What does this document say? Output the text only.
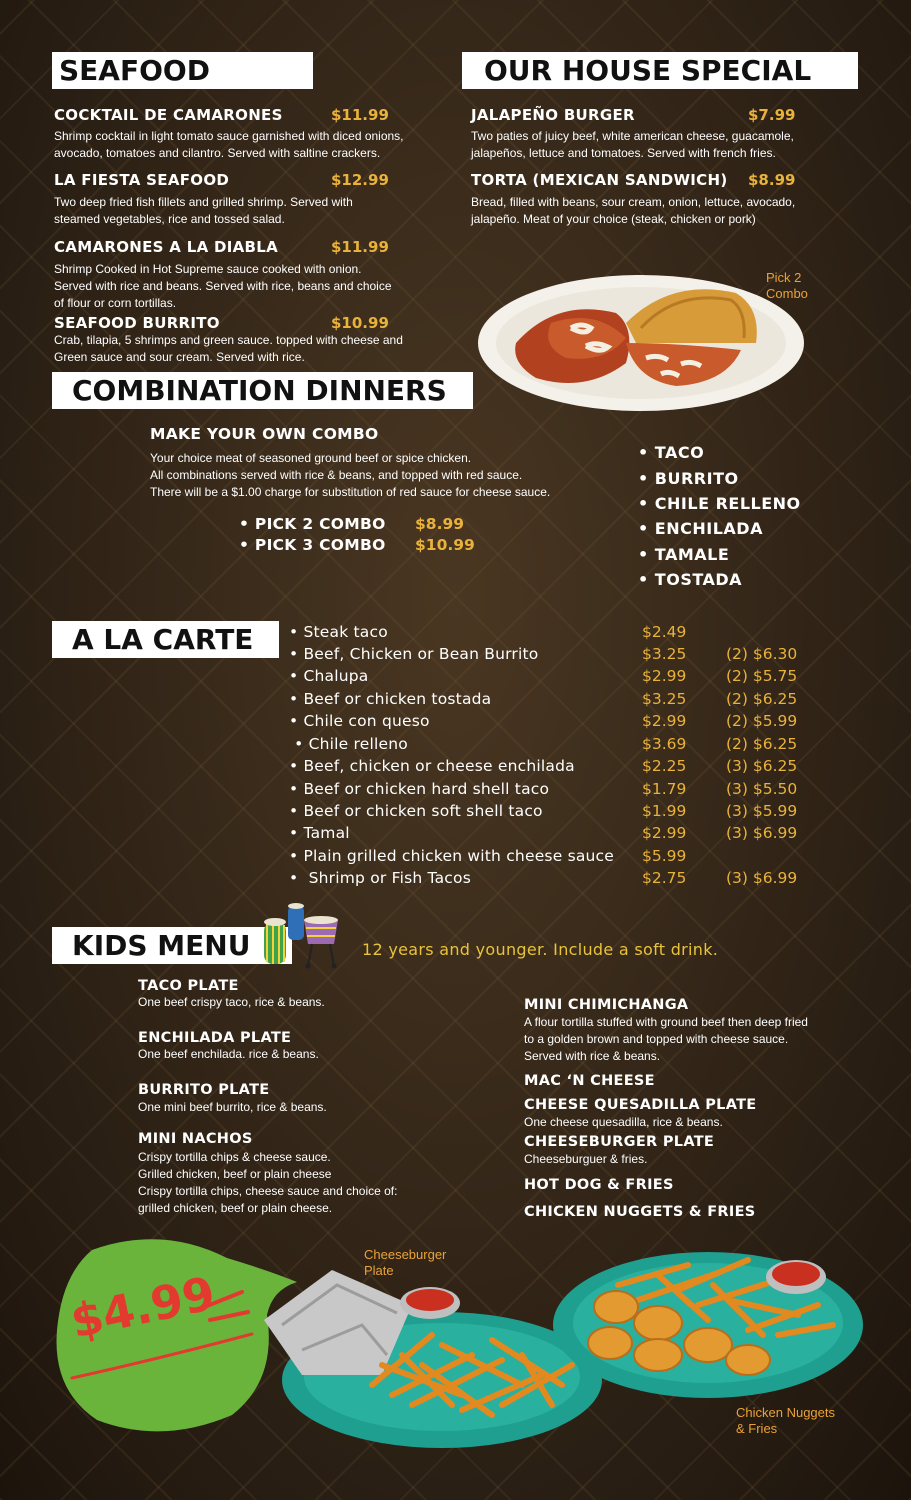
SEAFOOD
COCKTAIL DE CAMARONES	$11.99
Shrimp cocktail in light tomato sauce garnished with diced onions, avocado, tomatoes and cilantro. Served with saltine crackers.
LA FIESTA SEAFOOD	$12.99
Two deep fried fish fillets and grilled shrimp. Served with steamed vegetables, rice and tossed salad.
CAMARONES A LA DIABLA	$11.99
Shrimp Cooked in Hot Supreme sauce cooked with onion. Served with rice and beans. Served with rice, beans and choice of flour or corn tortillas.
SEAFOOD BURRITO	$10.99
Crab, tilapia, 5 shrimps and green sauce. topped with cheese and Green sauce and sour cream. Served with rice.
OUR HOUSE SPECIAL
JALAPEÑO BURGER	$7.99
Two paties of juicy beef, white american cheese, guacamole, jalapeños, lettuce and tomatoes. Served with french fries.
TORTA (MEXICAN SANDWICH) $8.99
Bread, filled with beans, sour cream, onion, lettuce, avocado, jalapeño. Meat of your choice (steak, chicken or pork)
Pick 2
Combo
COMBINATION DINNERS
MAKE YOUR OWN COMBO
Your choice meat of seasoned ground beef or spice chicken.
All combinations served with rice & beans, and topped with red sauce.
There will be a $1.00 charge for substitution of red sauce for cheese sauce.
• PICK 2 COMBO $8.99
• PICK 3 COMBO $10.99
• TACO
• BURRITO
• CHILE RELLENO
• ENCHILADA
• TAMALE
• TOSTADA
A LA CARTE	• Steak taco	$2.49
• Beef, Chicken or Bean Burrito	$3.25	(2) $6.30
• Chalupa	$2.99	(2) $5.75
• Beef or chicken tostada	$3.25	(2) $6.25
• Chile con queso	$2.99	(2) $5.99
• Chile relleno	$3.69	(2) $6.25
• Beef, chicken or cheese enchilada	$2.25	(3) $6.25
• Beef or chicken hard shell taco	$1.79	(3) $5.50
• Beef or chicken soft shell taco	$1.99	(3) $5.99
• Tamal	$2.99	(3) $6.99
• Plain grilled chicken with cheese sauce $5.99
•  Shrimp or Fish Tacos	$2.75	(3) $6.99
KIDS MENU	12 years and younger. Include a soft drink.
TACO PLATE
One beef crispy taco, rice & beans.
ENCHILADA PLATE
One beef enchilada. rice & beans.
BURRITO PLATE
One mini beef burrito, rice & beans.
MINI NACHOS
Crispy tortilla chips & cheese sauce.
Grilled chicken, beef or plain cheese
Crispy tortilla chips, cheese sauce and choice of:
grilled chicken, beef or plain cheese.
MINI CHIMICHANGA
A flour tortilla stuffed with ground beef then deep fried
to a golden brown and topped with cheese sauce.
Served with rice & beans.
MAC ‘N CHEESE
CHEESE QUESADILLA PLATE
One cheese quesadilla, rice & beans.
CHEESEBURGER PLATE
Cheeseburguer & fries.
HOT DOG & FRIES
CHICKEN NUGGETS & FRIES
$4.99
Cheeseburger
Plate
Chicken Nuggets
& Fries
